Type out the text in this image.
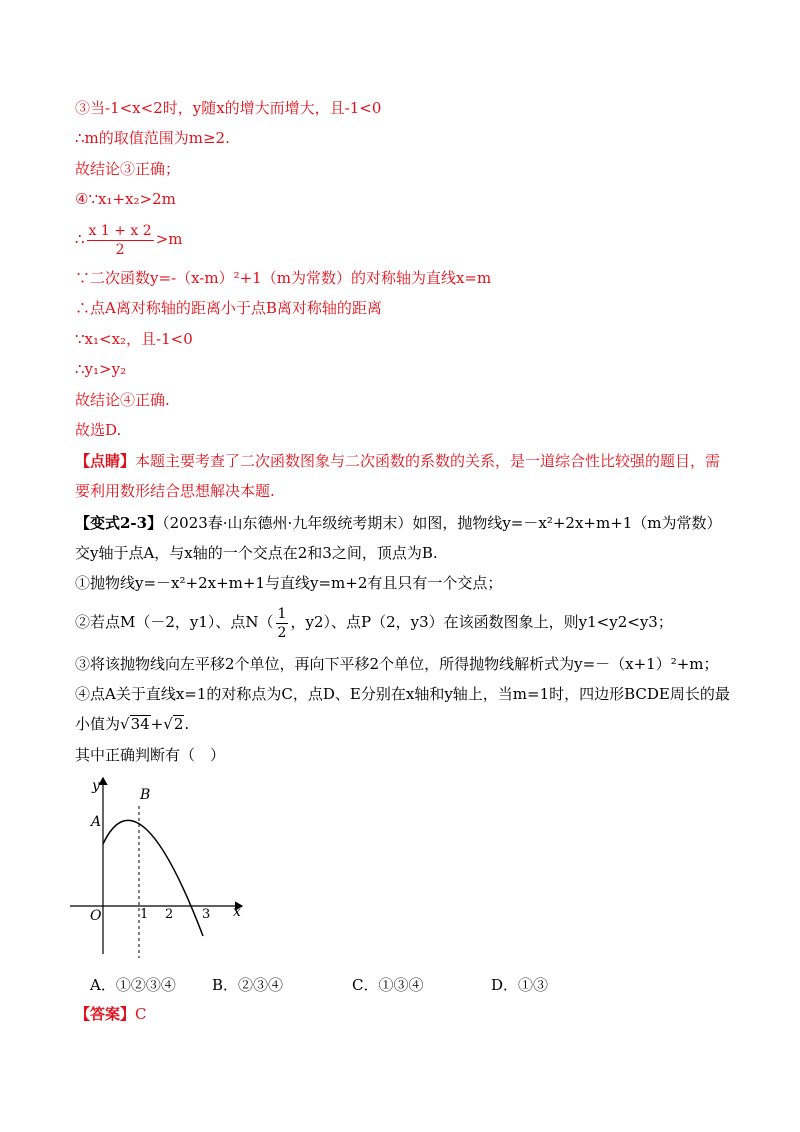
③当-1<x<2时，y随x的增大而增大，且-1<0
∴m的取值范围为m≥2.
故结论③正确；
④∵x₁+x₂>2m
∴ $\frac{x 1 + x 2}{2} >m$
∵二次函数y=-（x-m）²+1（m为常数）的对称轴为直线x=m
∴点A离对称轴的距离小于点B离对称轴的距离
∵x₁<x₂，且-1<0
∴y₁>y₂
故结论④正确.
故选D.
【点睛】本题主要考查了二次函数图象与二次函数的系数的关系，是一道综合性比较强的题目，需要利用数形结合思想解决本题.
【变式2-3】（2023春·山东德州·九年级统考期末）如图，抛物线y=－x²+2x+m+1（m为常数）交y轴于点A，与x轴的一个交点在2和3之间，顶点为B.
①抛物线y=－x²+2x+m+1与直线y=m+2有且只有一个交点；
②若点M（－2，y1）、点$N( \frac{1}{2}$ ，y2）、点P（2，y3）在该函数图象上，则y1<y2<y3；
③将该抛物线向左平移2个单位，再向下平移2个单位，所得抛物线解析式为y=－（x+1）²+m；
④点A关于直线x=1的对称点为C，点D、E分别在x轴和y轴上，当m=1时，四边形BCDE周长的最
小值为√34+√2.
其中正确判断有（　）
y
x
O
A
B
1 2 3
A．①②③④ B．②③④	C．①③④	D．①③
【答案】C
